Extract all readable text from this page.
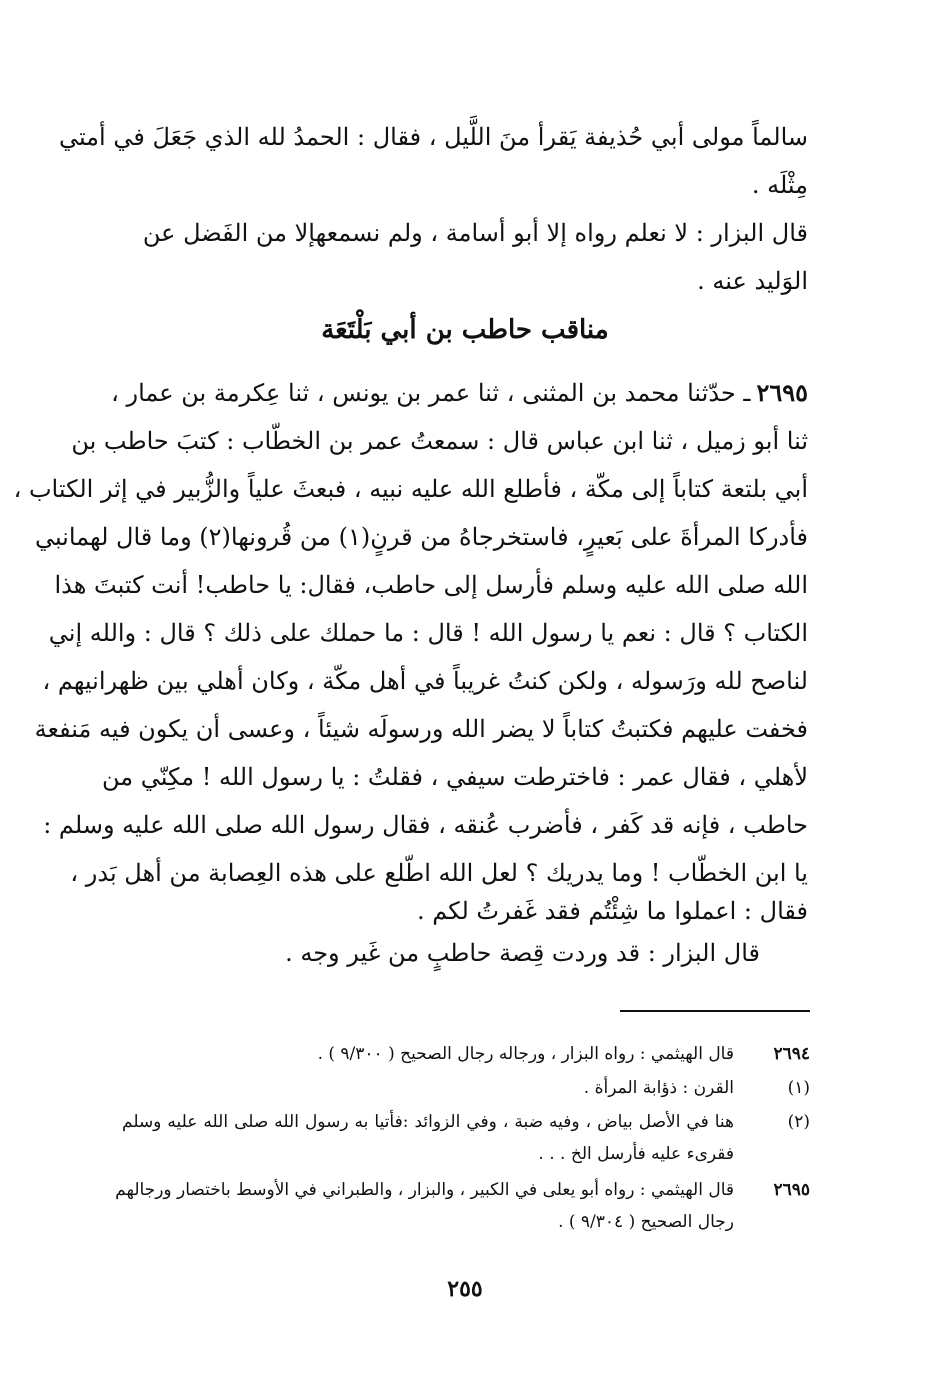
سالماً مولى أبي حُذيفة يَقرأ منَ اللَّيل ، فقال : الحمدُ لله الذي جَعَلَ في أمتي
مِثْلَه .
قال البزار : لا نعلم رواه إلا أبو أسامة ، ولم نسمعهإلا من الفَضل عن
الوَليد عنه .
مناقب حاطب بن أبي بَلْتَعَة
٢٦٩٥
ـ حدّثنا محمد بن المثنى ، ثنا عمر بن يونس ، ثنا عِكرمة بن عمار ،
ثنا أبو زميل ، ثنا ابن عباس قال : سمعتُ عمر بن الخطّاب : كتبَ حاطب بن
أبي بلتعة كتاباً إلى مكّة ، فأطلع الله عليه نبيه ، فبعثَ علياً والزُّبير في إثر الكتاب ،
فأدركا المرأةَ على بَعيرٍ، فاستخرجاهُ من قرنٍ(١) من قُرونها(٢) وما قال لهمانبي
الله صلى الله عليه وسلم فأرسل إلى حاطب، فقال: يا حاطب! أنت كتبتَ هذا
الكتاب ؟ قال : نعم يا رسول الله ! قال : ما حملك على ذلك ؟ قال : والله إني
لناصح لله ورَسوله ، ولكن كنتُ غريباً في أهل مكّة ، وكان أهلي بين ظهرانيهم ،
فخفت عليهم فكتبتُ كتاباً لا يضر الله ورسولَه شيئاً ، وعسى أن يكون فيه مَنفعة
لأهلي ، فقال عمر : فاخترطت سيفي ، فقلتُ : يا رسول الله ! مكِنّي من
حاطب ، فإنه قد كَفر ، فأضرب عُنقه ، فقال رسول الله صلى الله عليه وسلم :
يا ابن الخطّاب ! وما يدريك ؟ لعل الله اطّلع على هذه العِصابة من أهل بَدر ،
فقال : اعملوا ما شِئْتُم فقد غَفرتُ لكم .
قال البزار : قد وردت قِصة حاطبٍ من غَير وجه .
٢٦٩٤
قال الهيثمي : رواه البزار ، ورجاله رجال الصحيح ( ٩/٣٠٠ ) .
(١)
القرن : ذؤابة المرأة .
(٢)
هنا في الأصل بياض ، وفيه ضبة ، وفي الزوائد :فأتيا به رسول الله صلى الله عليه وسلم
فقرىء عليه فأرسل الخ . . .
٢٦٩٥
قال الهيثمي : رواه أبو يعلى في الكبير ، والبزار ، والطبراني في الأوسط باختصار ورجالهم
رجال الصحيح ( ٩/٣٠٤ ) .
٢٥٥
